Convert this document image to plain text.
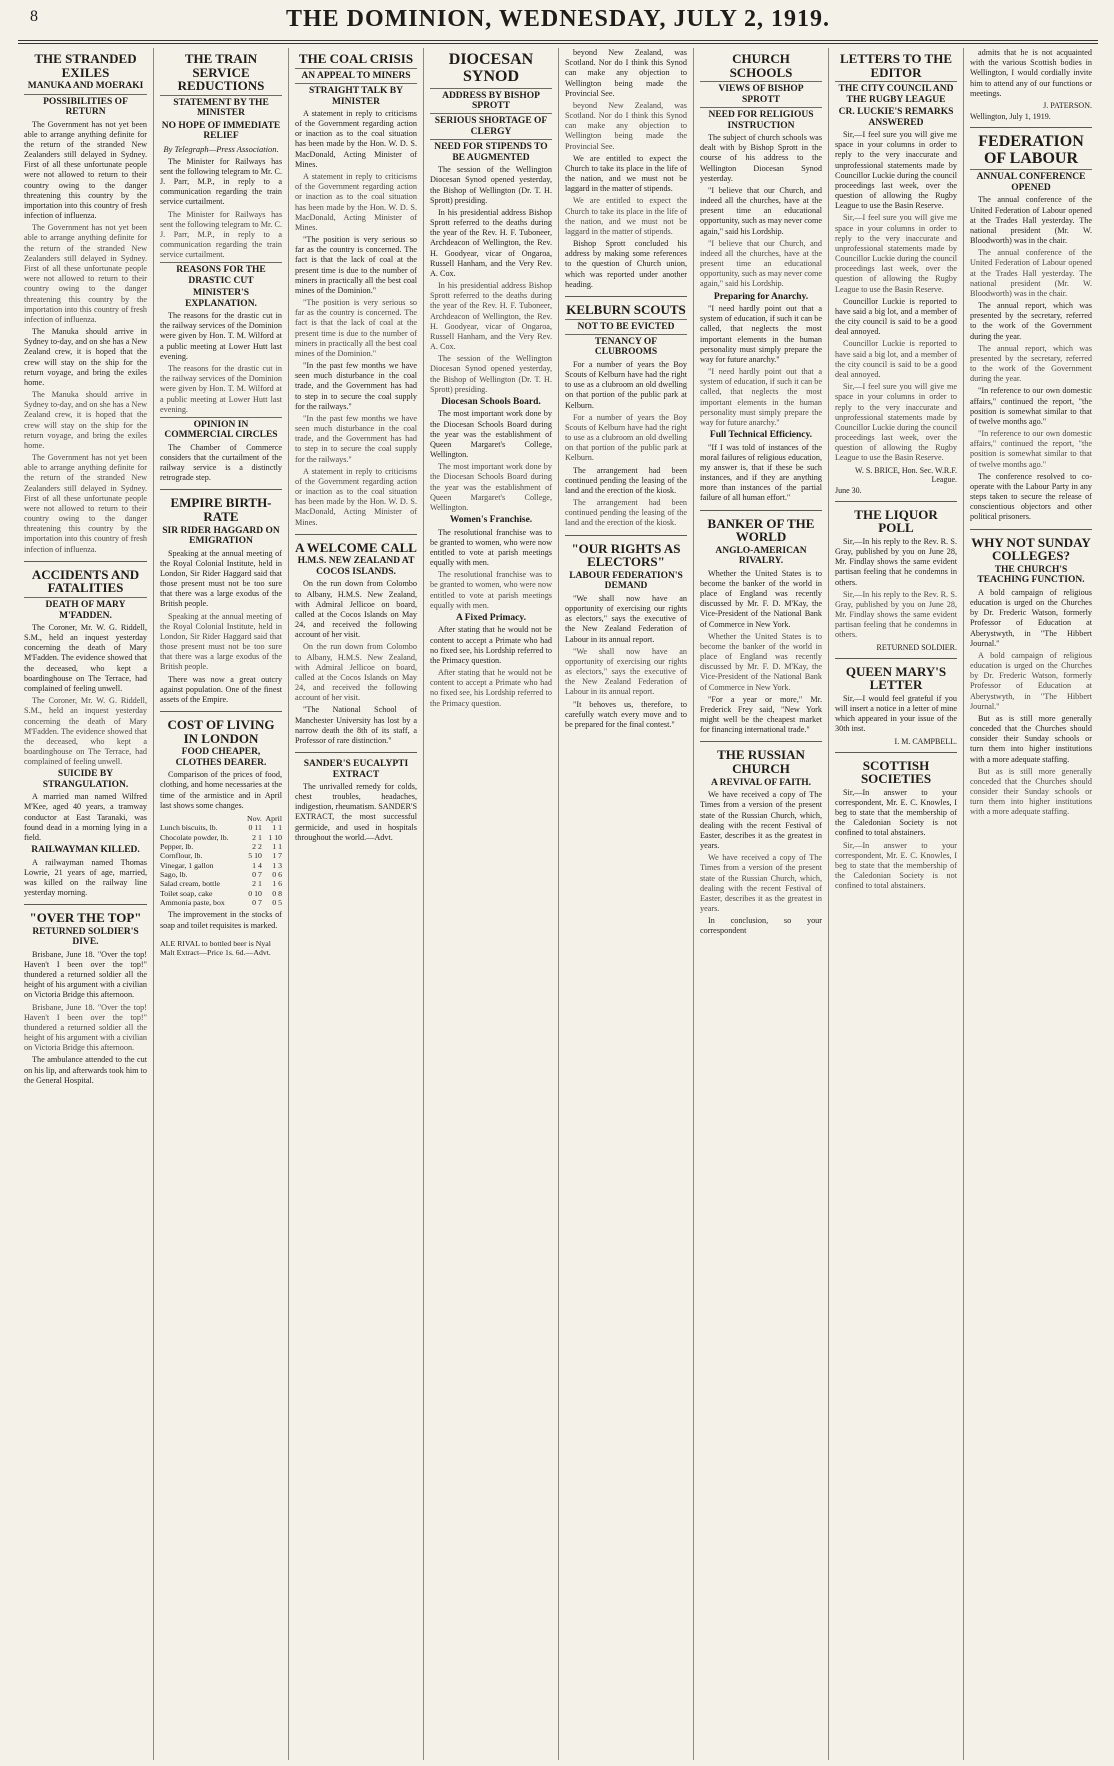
8	THE DOMINION, WEDNESDAY, JULY 2, 1919.
THE STRANDED EXILES
MANUKA AND MOERAKI
POSSIBILITIES OF RETURN

The Government has not yet been able to arrange anything definite for the return of the stranded New Zealanders still delayed in Sydney. First of all these unfortunate people were not allowed to return to their country owing to the danger threatening this country by the importation into this country of fresh infection of influenza.

The Government has not yet been able to arrange anything definite for the return of the stranded New Zealanders still delayed in Sydney. First of all these unfortunate people were not allowed to return to their country owing to the danger threatening this country by the importation into this country of fresh infection of influenza.

The Manuka should arrive in Sydney to-day, and on she has a New Zealand crew, it is hoped that the crew will stay on the ship for the return voyage, and bring the exiles home.

The Manuka should arrive in Sydney to-day, and on she has a New Zealand crew, it is hoped that the crew will stay on the ship for the return voyage, and bring the exiles home.

The Government has not yet been able to arrange anything definite for the return of the stranded New Zealanders still delayed in Sydney. First of all these unfortunate people were not allowed to return to their country owing to the danger threatening this country by the importation into this country of fresh infection of influenza.

ACCIDENTS AND FATALITIES
DEATH OF MARY M'FADDEN.

The Coroner, Mr. W. G. Riddell, S.M., held an inquest yesterday concerning the death of Mary M'Fadden. The evidence showed that the deceased, who kept a boardinghouse on The Terrace, had complained of feeling unwell.

The Coroner, Mr. W. G. Riddell, S.M., held an inquest yesterday concerning the death of Mary M'Fadden. The evidence showed that the deceased, who kept a boardinghouse on The Terrace, had complained of feeling unwell.

SUICIDE BY STRANGULATION.

A married man named Wilfred M'Kee, aged 40 years, a tramway conductor at East Taranaki, was found dead in a morning lying in a field.

RAILWAYMAN KILLED.

A railwayman named Thomas Lowrie, 21 years of age, married, was killed on the railway line yesterday morning.

"OVER THE TOP"
RETURNED SOLDIER'S DIVE.

Brisbane, June 18. "Over the top! Haven't I been over the top!" thundered a returned soldier all the height of his argument with a civilian on Victoria Bridge this afternoon.

Brisbane, June 18. "Over the top! Haven't I been over the top!" thundered a returned soldier all the height of his argument with a civilian on Victoria Bridge this afternoon.

The ambulance attended to the cut on his lip, and afterwards took him to the General Hospital.

THE TRAIN SERVICE REDUCTIONS
STATEMENT BY THE MINISTER
NO HOPE OF IMMEDIATE RELIEF
By Telegraph—Press Association.

The Minister for Railways has sent the following telegram to Mr. C. J. Parr, M.P., in reply to a communication regarding the train service curtailment.

The Minister for Railways has sent the following telegram to Mr. C. J. Parr, M.P., in reply to a communication regarding the train service curtailment.

REASONS FOR THE DRASTIC CUT
MINISTER'S EXPLANATION.

The reasons for the drastic cut in the railway services of the Dominion were given by Hon. T. M. Wilford at a public meeting at Lower Hutt last evening.

The reasons for the drastic cut in the railway services of the Dominion were given by Hon. T. M. Wilford at a public meeting at Lower Hutt last evening.

OPINION IN COMMERCIAL CIRCLES

The Chamber of Commerce considers that the curtailment of the railway service is a distinctly retrograde step.

EMPIRE BIRTH-RATE
SIR RIDER HAGGARD ON EMIGRATION

Speaking at the annual meeting of the Royal Colonial Institute, held in London, Sir Rider Haggard said that those present must not be too sure that there was a large exodus of the British people.

Speaking at the annual meeting of the Royal Colonial Institute, held in London, Sir Rider Haggard said that those present must not be too sure that there was a large exodus of the British people.

There was now a great outcry against population. One of the finest assets of the Empire.

COST OF LIVING IN LONDON
FOOD CHEAPER, CLOTHES DEARER.

Comparison of the prices of food, clothing, and home necessaries at the time of the armistice and in April last shows some changes.

	Nov.	April
Lunch biscuits, lb.	0 11	1 1
Chocolate powder, lb.	2 1	1 10
Pepper, lb.	2 2	1 1
Cornflour, lb.	5 10	1 7
Vinegar, 1 gallon	1 4	1 3
Sago, lb.	0 7	0 6
Salad cream, bottle	2 1	1 6
Toilet soap, cake	0 10	0 8
Ammonia paste, box	0 7	0 5

The improvement in the stocks of soap and toilet requisites is marked.

ALE RIVAL to bottled beer is Nyal Malt Extract—Price 1s. 6d.—Advt.

THE COAL CRISIS
AN APPEAL TO MINERS
STRAIGHT TALK BY MINISTER

A statement in reply to criticisms of the Government regarding action or inaction as to the coal situation has been made by the Hon. W. D. S. MacDonald, Acting Minister of Mines.

A statement in reply to criticisms of the Government regarding action or inaction as to the coal situation has been made by the Hon. W. D. S. MacDonald, Acting Minister of Mines.

"The position is very serious so far as the country is concerned. The fact is that the lack of coal at the present time is due to the number of miners in practically all the best coal mines of the Dominion."

"The position is very serious so far as the country is concerned. The fact is that the lack of coal at the present time is due to the number of miners in practically all the best coal mines of the Dominion."

"In the past few months we have seen much disturbance in the coal trade, and the Government has had to step in to secure the coal supply for the railways."

"In the past few months we have seen much disturbance in the coal trade, and the Government has had to step in to secure the coal supply for the railways."

A statement in reply to criticisms of the Government regarding action or inaction as to the coal situation has been made by the Hon. W. D. S. MacDonald, Acting Minister of Mines.

A WELCOME CALL
H.M.S. NEW ZEALAND AT COCOS ISLANDS.

On the run down from Colombo to Albany, H.M.S. New Zealand, with Admiral Jellicoe on board, called at the Cocos Islands on May 24, and received the following account of her visit.

On the run down from Colombo to Albany, H.M.S. New Zealand, with Admiral Jellicoe on board, called at the Cocos Islands on May 24, and received the following account of her visit.

"The National School of Manchester University has lost by a narrow death the 8th of its staff, a Professor of rare distinction."

SANDER'S EUCALYPTI EXTRACT

The unrivalled remedy for colds, chest troubles, headaches, indigestion, rheumatism. SANDER'S EXTRACT, the most successful germicide, and used in hospitals throughout the world.—Advt.

DIOCESAN SYNOD
ADDRESS BY BISHOP SPROTT
SERIOUS SHORTAGE OF CLERGY
NEED FOR STIPENDS TO BE AUGMENTED

The session of the Wellington Diocesan Synod opened yesterday, the Bishop of Wellington (Dr. T. H. Sprott) presiding.

In his presidential address Bishop Sprott referred to the deaths during the year of the Rev. H. F. Tuboneer, Archdeacon of Wellington, the Rev. H. Goodyear, vicar of Ongaroa, Russell Hanham, and the Very Rev. A. Cox.

In his presidential address Bishop Sprott referred to the deaths during the year of the Rev. H. F. Tuboneer, Archdeacon of Wellington, the Rev. H. Goodyear, vicar of Ongaroa, Russell Hanham, and the Very Rev. A. Cox.

The session of the Wellington Diocesan Synod opened yesterday, the Bishop of Wellington (Dr. T. H. Sprott) presiding.

Diocesan Schools Board.

The most important work done by the Diocesan Schools Board during the year was the establishment of Queen Margaret's College, Wellington.

The most important work done by the Diocesan Schools Board during the year was the establishment of Queen Margaret's College, Wellington.

Women's Franchise.

The resolutional franchise was to be granted to women, who were now entitled to vote at parish meetings equally with men.

The resolutional franchise was to be granted to women, who were now entitled to vote at parish meetings equally with men.

A Fixed Primacy.

After stating that he would not be content to accept a Primate who had no fixed see, his Lordship referred to the Primacy question.

After stating that he would not be content to accept a Primate who had no fixed see, his Lordship referred to the Primacy question.

beyond New Zealand, was Scotland. Nor do I think this Synod can make any objection to Wellington being made the Provincial See.

beyond New Zealand, was Scotland. Nor do I think this Synod can make any objection to Wellington being made the Provincial See.

We are entitled to expect the Church to take its place in the life of the nation, and we must not be laggard in the matter of stipends.

We are entitled to expect the Church to take its place in the life of the nation, and we must not be laggard in the matter of stipends.

Bishop Sprott concluded his address by making some references to the question of Church union, which was reported under another heading.

KELBURN SCOUTS
NOT TO BE EVICTED
TENANCY OF CLUBROOMS

For a number of years the Boy Scouts of Kelburn have had the right to use as a clubroom an old dwelling on that portion of the public park at Kelburn.

For a number of years the Boy Scouts of Kelburn have had the right to use as a clubroom an old dwelling on that portion of the public park at Kelburn.

The arrangement had been continued pending the leasing of the land and the erection of the kiosk.

The arrangement had been continued pending the leasing of the land and the erection of the kiosk.

"OUR RIGHTS AS ELECTORS"
LABOUR FEDERATION'S DEMAND

"We shall now have an opportunity of exercising our rights as electors," says the executive of the New Zealand Federation of Labour in its annual report.

"We shall now have an opportunity of exercising our rights as electors," says the executive of the New Zealand Federation of Labour in its annual report.

"It behoves us, therefore, to carefully watch every move and to be prepared for the final contest."

CHURCH SCHOOLS
VIEWS OF BISHOP SPROTT
NEED FOR RELIGIOUS INSTRUCTION

The subject of church schools was dealt with by Bishop Sprott in the course of his address to the Wellington Diocesan Synod yesterday.

"I believe that our Church, and indeed all the churches, have at the present time an educational opportunity, such as may never come again," said his Lordship.

"I believe that our Church, and indeed all the churches, have at the present time an educational opportunity, such as may never come again," said his Lordship.

Preparing for Anarchy.

"I need hardly point out that a system of education, if such it can be called, that neglects the most important elements in the human personality must simply prepare the way for future anarchy."

"I need hardly point out that a system of education, if such it can be called, that neglects the most important elements in the human personality must simply prepare the way for future anarchy."

Full Technical Efficiency.

"If I was told of instances of the moral failures of religious education, my answer is, that if these be such instances, and if they are anything more than instances of the partial failure of all human effort."

BANKER OF THE WORLD
ANGLO-AMERICAN RIVALRY.

Whether the United States is to become the banker of the world in place of England was recently discussed by Mr. F. D. M'Kay, the Vice-President of the National Bank of Commerce in New York.

Whether the United States is to become the banker of the world in place of England was recently discussed by Mr. F. D. M'Kay, the Vice-President of the National Bank of Commerce in New York.

"For a year or more," Mr. Frederick Frey said, "New York might well be the cheapest market for financing international trade."

THE RUSSIAN CHURCH
A REVIVAL OF FAITH.

We have received a copy of The Times from a version of the present state of the Russian Church, which, dealing with the recent Festival of Easter, describes it as the greatest in years.

We have received a copy of The Times from a version of the present state of the Russian Church, which, dealing with the recent Festival of Easter, describes it as the greatest in years.

In conclusion, so your correspondent

LETTERS TO THE EDITOR
THE CITY COUNCIL AND THE RUGBY LEAGUE
CR. LUCKIE'S REMARKS ANSWERED

Sir,—I feel sure you will give me space in your columns in order to reply to the very inaccurate and unprofessional statements made by Councillor Luckie during the council proceedings last week, over the question of allowing the Rugby League to use the Basin Reserve.

Sir,—I feel sure you will give me space in your columns in order to reply to the very inaccurate and unprofessional statements made by Councillor Luckie during the council proceedings last week, over the question of allowing the Rugby League to use the Basin Reserve.

Councillor Luckie is reported to have said a big lot, and a member of the city council is said to be a good deal annoyed.

Councillor Luckie is reported to have said a big lot, and a member of the city council is said to be a good deal annoyed.

Sir,—I feel sure you will give me space in your columns in order to reply to the very inaccurate and unprofessional statements made by Councillor Luckie during the council proceedings last week, over the question of allowing the Rugby League to use the Basin Reserve.

W. S. BRICE, Hon. Sec. W.R.F. League.
June 30.
THE LIQUOR POLL

Sir,—In his reply to the Rev. R. S. Gray, published by you on June 28, Mr. Findlay shows the same evident partisan feeling that he condemns in others.

Sir,—In his reply to the Rev. R. S. Gray, published by you on June 28, Mr. Findlay shows the same evident partisan feeling that he condemns in others.

RETURNED SOLDIER.
QUEEN MARY'S LETTER

Sir,—I would feel grateful if you will insert a notice in a letter of mine which appeared in your issue of the 30th inst.

I. M. CAMPBELL.
SCOTTISH SOCIETIES

Sir,—In answer to your correspondent, Mr. E. C. Knowles, I beg to state that the membership of the Caledonian Society is not confined to total abstainers.

Sir,—In answer to your correspondent, Mr. E. C. Knowles, I beg to state that the membership of the Caledonian Society is not confined to total abstainers.

admits that he is not acquainted with the various Scottish bodies in Wellington, I would cordially invite him to attend any of our functions or meetings.

J. PATERSON.
Wellington, July 1, 1919.
FEDERATION OF LABOUR
ANNUAL CONFERENCE OPENED

The annual conference of the United Federation of Labour opened at the Trades Hall yesterday. The national president (Mr. W. Bloodworth) was in the chair.

The annual conference of the United Federation of Labour opened at the Trades Hall yesterday. The national president (Mr. W. Bloodworth) was in the chair.

The annual report, which was presented by the secretary, referred to the work of the Government during the year.

The annual report, which was presented by the secretary, referred to the work of the Government during the year.

"In reference to our own domestic affairs," continued the report, "the position is somewhat similar to that of twelve months ago."

"In reference to our own domestic affairs," continued the report, "the position is somewhat similar to that of twelve months ago."

The conference resolved to co-operate with the Labour Party in any steps taken to secure the release of conscientious objectors and other political prisoners.

WHY NOT SUNDAY COLLEGES?
THE CHURCH'S TEACHING FUNCTION.

A bold campaign of religious education is urged on the Churches by Dr. Frederic Watson, formerly Professor of Education at Aberystwyth, in "The Hibbert Journal."

A bold campaign of religious education is urged on the Churches by Dr. Frederic Watson, formerly Professor of Education at Aberystwyth, in "The Hibbert Journal."

But as is still more generally conceded that the Churches should consider their Sunday schools or turn them into higher institutions with a more adequate staffing.

But as is still more generally conceded that the Churches should consider their Sunday schools or turn them into higher institutions with a more adequate staffing.
